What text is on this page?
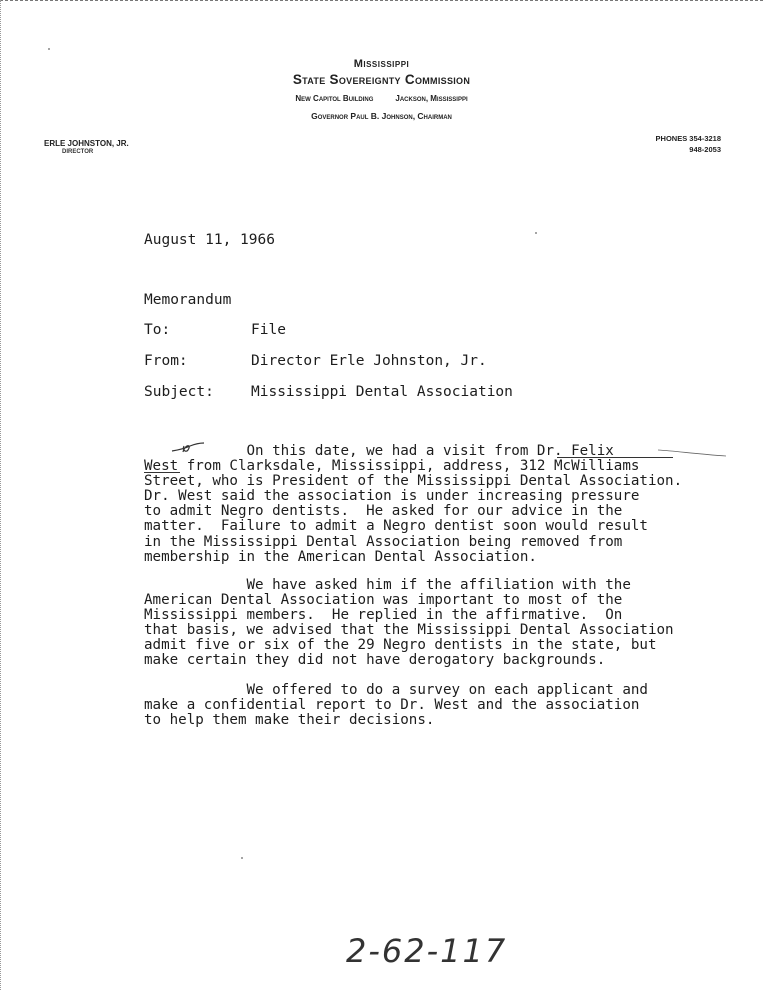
Mississippi
State Sovereignty Commission
New Capitol Building	Jackson, Mississippi
Governor Paul B. Johnson, Chairman
ERLE JOHNSTON, JR.
DIRECTOR
PHONES 354-3218
948-2053
August 11, 1966
Memorandum
To:	File
From:	Director Erle Johnston, Jr.
Subject:	Mississippi Dental Association
On this date, we had a visit from Dr. Felix
West from Clarksdale, Mississippi, address, 312 McWilliams
Street, who is President of the Mississippi Dental Association.
Dr. West said the association is under increasing pressure
to admit Negro dentists.  He asked for our advice in the
matter.  Failure to admit a Negro dentist soon would result
in the Mississippi Dental Association being removed from
membership in the American Dental Association.
We have asked him if the affiliation with the
American Dental Association was important to most of the
Mississippi members.  He replied in the affirmative.  On
that basis, we advised that the Mississippi Dental Association
admit five or six of the 29 Negro dentists in the state, but
make certain they did not have derogatory backgrounds.
We offered to do a survey on each applicant and
make a confidential report to Dr. West and the association
to help them make their decisions.
2-62-117
